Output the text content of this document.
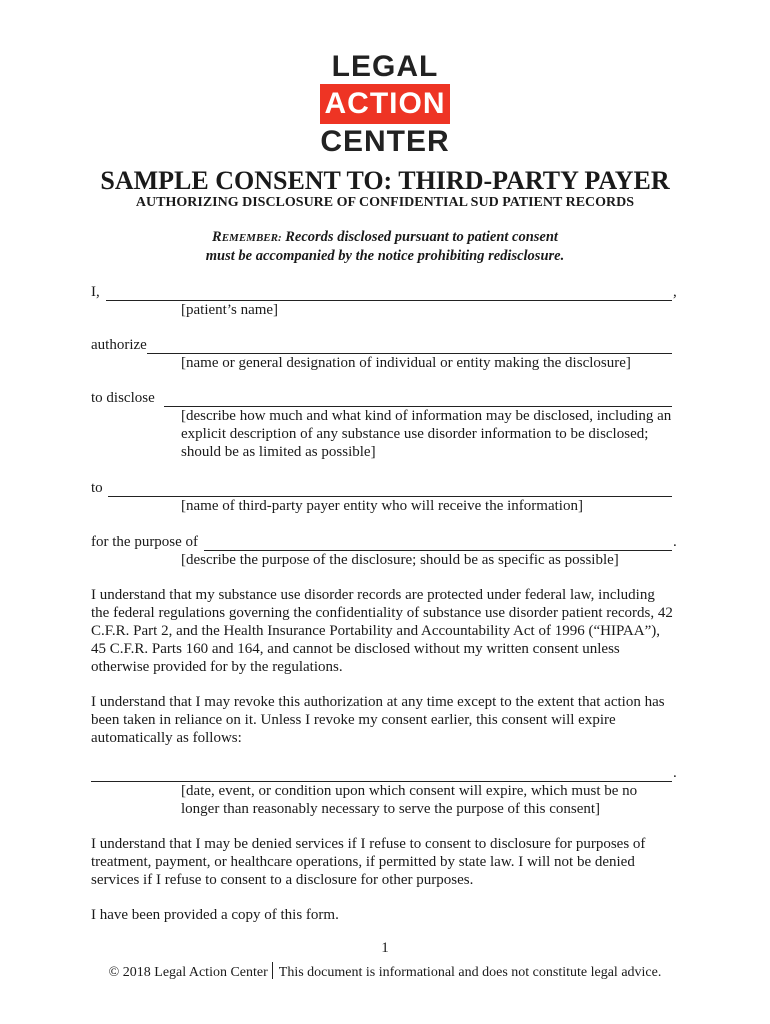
LEGAL
ACTION
CENTER
SAMPLE CONSENT TO: THIRD-PARTY PAYER
AUTHORIZING DISCLOSURE OF CONFIDENTIAL SUD PATIENT RECORDS
REMEMBER: Records disclosed pursuant to patient consent
must be accompanied by the notice prohibiting redisclosure.
I,	,
[patient’s name]
authorize
[name or general designation of individual or entity making the disclosure]
to disclose
[describe how much and what kind of information may be disclosed, including an
explicit description of any substance use disorder information to be disclosed;
should be as limited as possible]
to
[name of third-party payer entity who will receive the information]
for the purpose of	.
[describe the purpose of the disclosure; should be as specific as possible]
I understand that my substance use disorder records are protected under federal law, including
the federal regulations governing the confidentiality of substance use disorder patient records, 42
C.F.R. Part 2, and the Health Insurance Portability and Accountability Act of 1996 (“HIPAA”),
45 C.F.R. Parts 160 and 164, and cannot be disclosed without my written consent unless
otherwise provided for by the regulations.
I understand that I may revoke this authorization at any time except to the extent that action has
been taken in reliance on it. Unless I revoke my consent earlier, this consent will expire
automatically as follows:
.
[date, event, or condition upon which consent will expire, which must be no
longer than reasonably necessary to serve the purpose of this consent]
I understand that I may be denied services if I refuse to consent to disclosure for purposes of
treatment, payment, or healthcare operations, if permitted by state law. I will not be denied
services if I refuse to consent to a disclosure for other purposes.
I have been provided a copy of this form.
1
© 2018 Legal Action Center This document is informational and does not constitute legal advice.
